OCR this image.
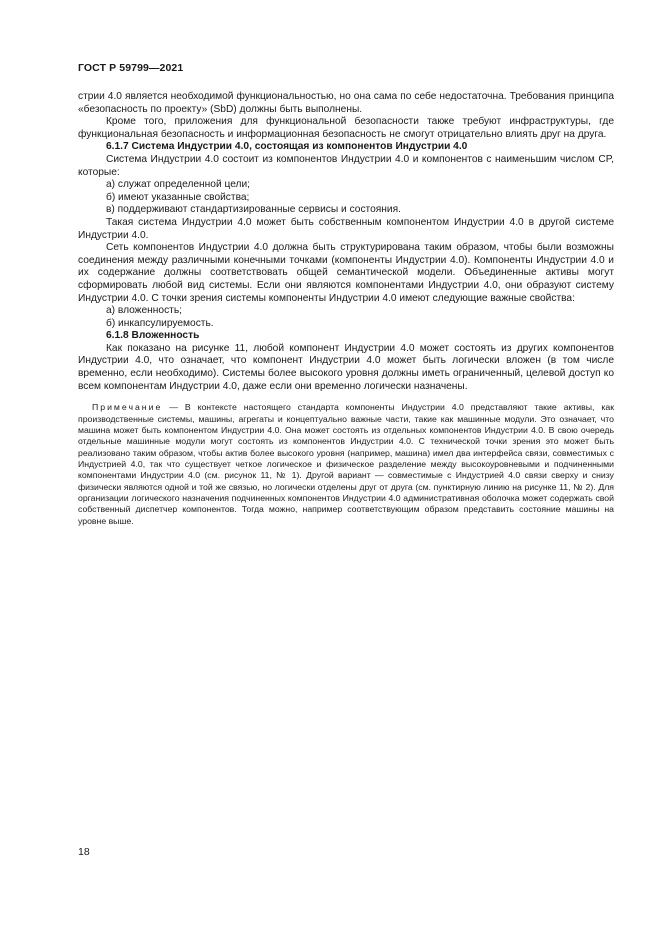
ГОСТ Р 59799—2021

стрии 4.0 является необходимой функциональностью, но она сама по себе недостаточна. Требования принципа «безопасность по проекту» (SbD) должны быть выполнены.

Кроме того, приложения для функциональной безопасности также требуют инфраструктуры, где функциональная безопасность и информационная безопасность не смогут отрицательно влиять друг на друга.

6.1.7 Система Индустрии 4.0, состоящая из компонентов Индустрии 4.0

Система Индустрии 4.0 состоит из компонентов Индустрии 4.0 и компонентов с наименьшим числом CP, которые:

а) служат определенной цели;

б) имеют указанные свойства;

в) поддерживают стандартизированные сервисы и состояния.

Такая система Индустрии 4.0 может быть собственным компонентом Индустрии 4.0 в другой системе Индустрии 4.0.

Сеть компонентов Индустрии 4.0 должна быть структурирована таким образом, чтобы были возможны соединения между различными конечными точками (компоненты Индустрии 4.0). Компоненты Индустрии 4.0 и их содержание должны соответствовать общей семантической модели. Объединенные активы могут сформировать любой вид системы. Если они являются компонентами Индустрии 4.0, они образуют систему Индустрии 4.0. С точки зрения системы компоненты Индустрии 4.0 имеют следующие важные свойства:

а) вложенность;

б) инкапсулируемость.

6.1.8 Вложенность

Как показано на рисунке 11, любой компонент Индустрии 4.0 может состоять из других компонентов Индустрии 4.0, что означает, что компонент Индустрии 4.0 может быть логически вложен (в том числе временно, если необходимо). Системы более высокого уровня должны иметь ограниченный, целевой доступ ко всем компонентам Индустрии 4.0, даже если они временно логически назначены.

Примечание — В контексте настоящего стандарта компоненты Индустрии 4.0 представляют такие активы, как производственные системы, машины, агрегаты и концептуально важные части, такие как машинные модули. Это означает, что машина может быть компонентом Индустрии 4.0. Она может состоять из отдельных компонентов Индустрии 4.0. В свою очередь отдельные машинные модули могут состоять из компонентов Индустрии 4.0. С технической точки зрения это может быть реализовано таким образом, чтобы актив более высокого уровня (например, машина) имел два интерфейса связи, совместимых с Индустрией 4.0, так что существует четкое логическое и физическое разделение между высокоуровневыми и подчиненными компонентами Индустрии 4.0 (см. рисунок 11, № 1). Другой вариант — совместимые с Индустрией 4.0 связи сверху и снизу физически являются одной и той же связью, но логически отделены друг от друга (см. пунктирную линию на рисунке 11, № 2). Для организации логического назначения подчиненных компонентов Индустрии 4.0 административная оболочка может содержать свой собственный диспетчер компонентов. Тогда можно, например соответствующим образом представить состояние машины на уровне выше.

18
